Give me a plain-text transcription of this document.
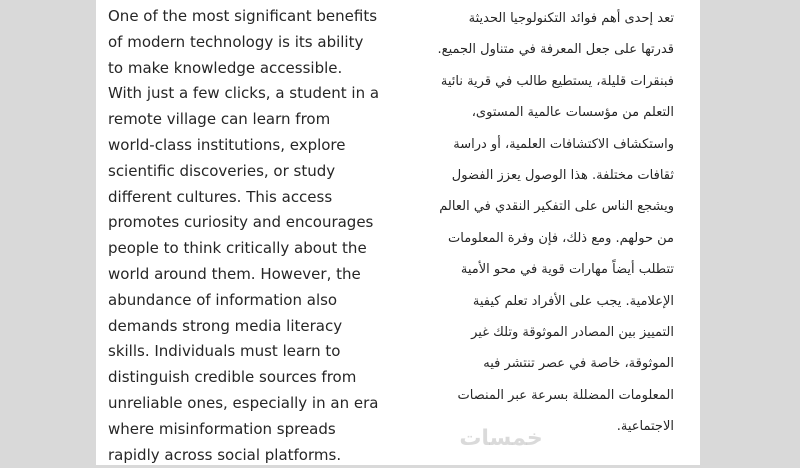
One of the most significant benefits
of modern technology is its ability
to make knowledge accessible.
With just a few clicks, a student in a
remote village can learn from
world-class institutions, explore
scientific discoveries, or study
different cultures. This access
promotes curiosity and encourages
people to think critically about the
world around them. However, the
abundance of information also
demands strong media literacy
skills. Individuals must learn to
distinguish credible sources from
unreliable ones, especially in an era
where misinformation spreads
rapidly across social platforms.
تعد إحدى أهم فوائد التكنولوجيا الحديثة
قدرتها على جعل المعرفة في متناول الجميع.
فبنقرات قليلة، يستطيع طالب في قرية نائية
التعلم من مؤسسات عالمية المستوى،
واستكشاف الاكتشافات العلمية، أو دراسة
ثقافات مختلفة. هذا الوصول يعزز الفضول
ويشجع الناس على التفكير النقدي في العالم
من حولهم. ومع ذلك، فإن وفرة المعلومات
تتطلب أيضاً مهارات قوية في محو الأمية
الإعلامية. يجب على الأفراد تعلم كيفية
التمييز بين المصادر الموثوقة وتلك غير
الموثوقة، خاصة في عصر تنتشر فيه
المعلومات المضللة بسرعة عبر المنصات
الاجتماعية.
خمسات
